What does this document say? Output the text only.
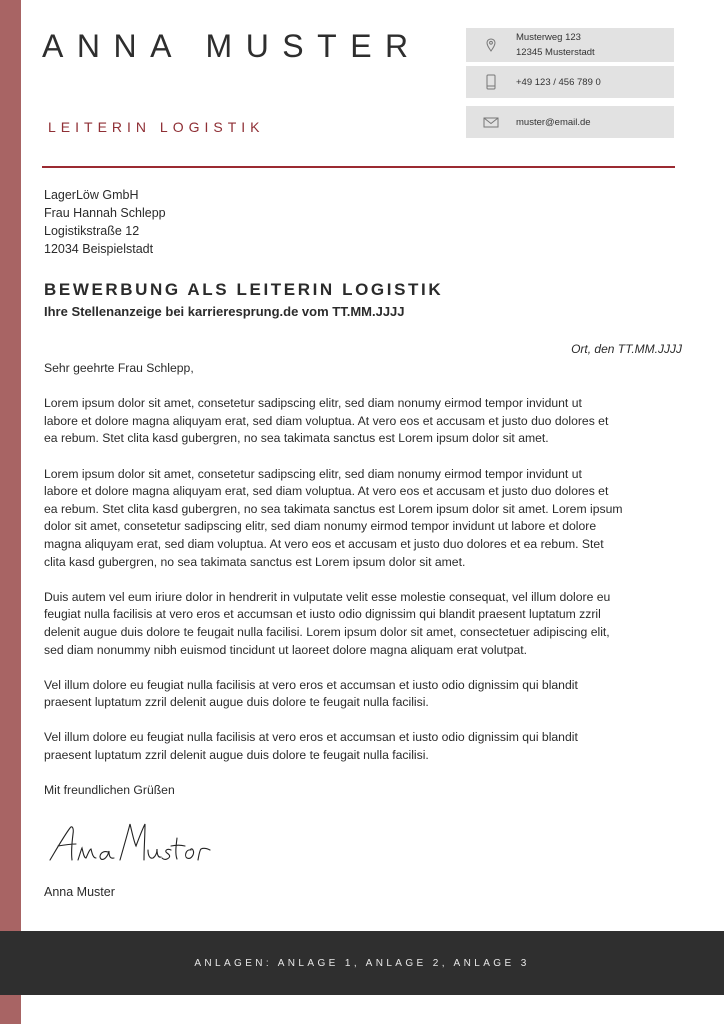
ANNA MUSTER
LEITERIN LOGISTIK
Musterweg 123
12345 Musterstadt
+49 123 / 456 789 0
muster@email.de
LagerLöw GmbH
Frau Hannah Schlepp
Logistikstraße 12
12034 Beispielstadt
BEWERBUNG ALS LEITERIN LOGISTIK
Ihre Stellenanzeige bei karrieresprung.de vom TT.MM.JJJJ
Ort, den TT.MM.JJJJ

Sehr geehrte Frau Schlepp,

Lorem ipsum dolor sit amet, consetetur sadipscing elitr, sed diam nonumy eirmod tempor invidunt ut
labore et dolore magna aliquyam erat, sed diam voluptua. At vero eos et accusam et justo duo dolores et
ea rebum. Stet clita kasd gubergren, no sea takimata sanctus est Lorem ipsum dolor sit amet.

Lorem ipsum dolor sit amet, consetetur sadipscing elitr, sed diam nonumy eirmod tempor invidunt ut
labore et dolore magna aliquyam erat, sed diam voluptua. At vero eos et accusam et justo duo dolores et
ea rebum. Stet clita kasd gubergren, no sea takimata sanctus est Lorem ipsum dolor sit amet. Lorem ipsum
dolor sit amet, consetetur sadipscing elitr, sed diam nonumy eirmod tempor invidunt ut labore et dolore
magna aliquyam erat, sed diam voluptua. At vero eos et accusam et justo duo dolores et ea rebum. Stet
clita kasd gubergren, no sea takimata sanctus est Lorem ipsum dolor sit amet.

Duis autem vel eum iriure dolor in hendrerit in vulputate velit esse molestie consequat, vel illum dolore eu
feugiat nulla facilisis at vero eros et accumsan et iusto odio dignissim qui blandit praesent luptatum zzril
delenit augue duis dolore te feugait nulla facilisi. Lorem ipsum dolor sit amet, consectetuer adipiscing elit,
sed diam nonummy nibh euismod tincidunt ut laoreet dolore magna aliquam erat volutpat.

Vel illum dolore eu feugiat nulla facilisis at vero eros et accumsan et iusto odio dignissim qui blandit
praesent luptatum zzril delenit augue duis dolore te feugait nulla facilisi.

Vel illum dolore eu feugiat nulla facilisis at vero eros et accumsan et iusto odio dignissim qui blandit
praesent luptatum zzril delenit augue duis dolore te feugait nulla facilisi.

Mit freundlichen Grüßen

Anna Muster
ANLAGEN: ANLAGE 1, ANLAGE 2, ANLAGE 3
